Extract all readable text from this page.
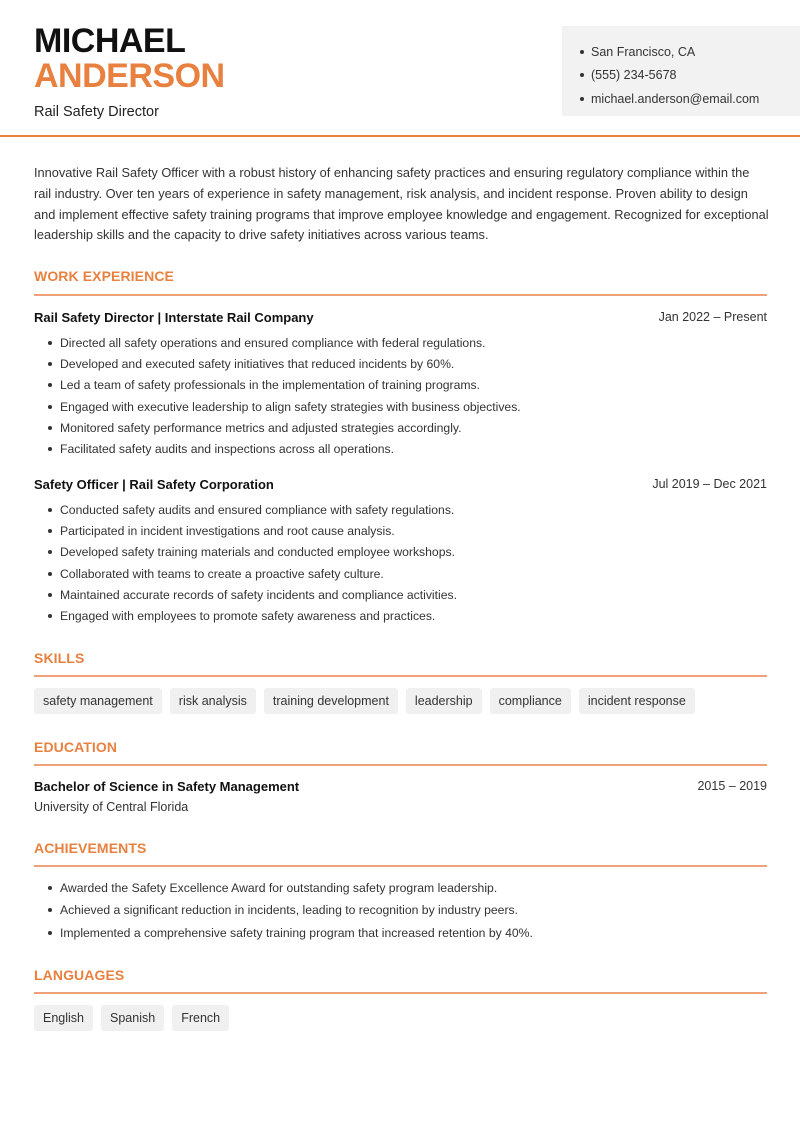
MICHAEL
ANDERSON
Rail Safety Director
San Francisco, CA
(555) 234-5678
michael.anderson@email.com

Innovative Rail Safety Officer with a robust history of enhancing safety practices and ensuring regulatory compliance within the rail industry. Over ten years of experience in safety management, risk analysis, and incident response. Proven ability to design and implement effective safety training programs that improve employee knowledge and engagement. Recognized for exceptional leadership skills and the capacity to drive safety initiatives across various teams.

WORK EXPERIENCE
Rail Safety Director | Interstate Rail Company	Jan 2022 – Present
Directed all safety operations and ensured compliance with federal regulations.
Developed and executed safety initiatives that reduced incidents by 60%.
Led a team of safety professionals in the implementation of training programs.
Engaged with executive leadership to align safety strategies with business objectives.
Monitored safety performance metrics and adjusted strategies accordingly.
Facilitated safety audits and inspections across all operations.
Safety Officer | Rail Safety Corporation	Jul 2019 – Dec 2021
Conducted safety audits and ensured compliance with safety regulations.
Participated in incident investigations and root cause analysis.
Developed safety training materials and conducted employee workshops.
Collaborated with teams to create a proactive safety culture.
Maintained accurate records of safety incidents and compliance activities.
Engaged with employees to promote safety awareness and practices.
SKILLS
safety management	risk analysis	training development	leadership	compliance	incident response
EDUCATION
Bachelor of Science in Safety Management	2015 – 2019
University of Central Florida
ACHIEVEMENTS
Awarded the Safety Excellence Award for outstanding safety program leadership.
Achieved a significant reduction in incidents, leading to recognition by industry peers.
Implemented a comprehensive safety training program that increased retention by 40%.
LANGUAGES
English	Spanish	French
